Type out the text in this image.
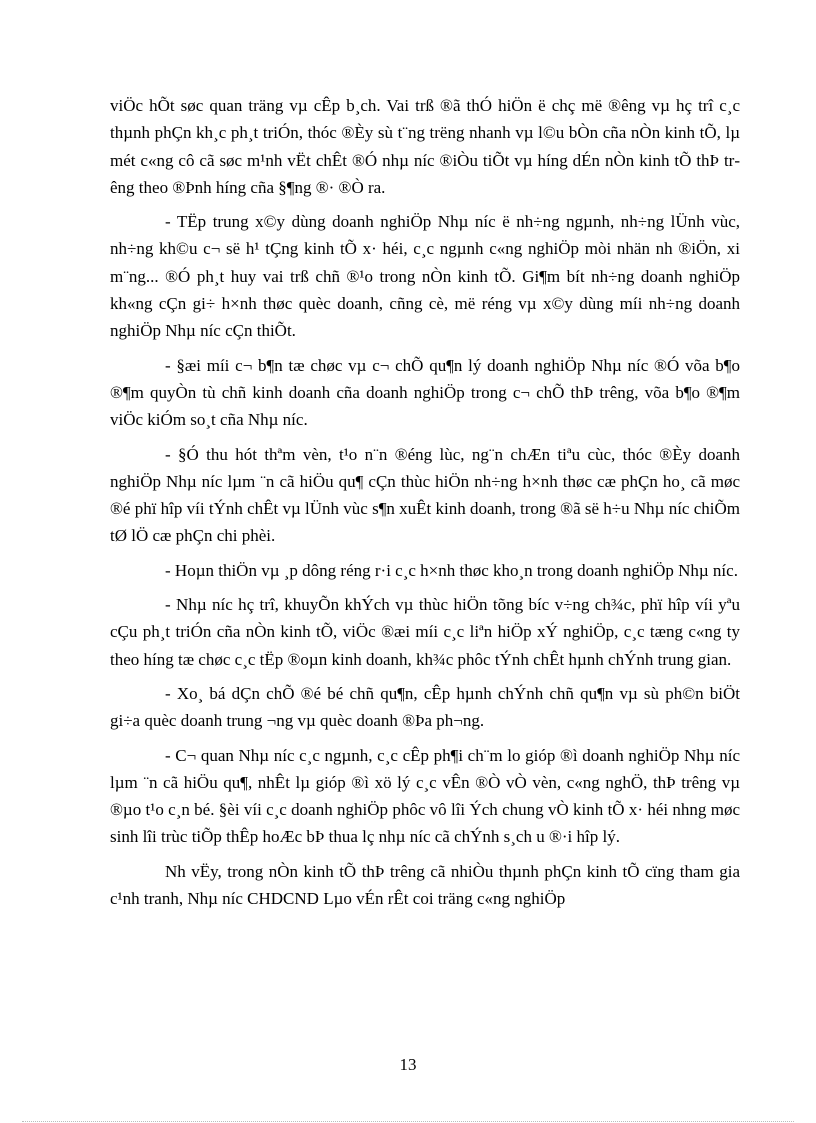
viÖc hÕt søc quan träng vµ cÊp b¸ch. Vai trß ®ã thÓ hiÖn ë chç më ®êng vµ hç trî c¸c thµnh phÇn kh¸c ph¸t triÓn, thóc ®Èy sù t¨ng trëng nhanh vµ l©u bÒn cña nÒn kinh tÕ, lµ mét c«ng cô cã søc m¹nh vËt chÊt ®Ó nhµ níc ®iÒu tiÕt vµ híng dÉn nÒn kinh tÕ thÞ trêng theo ®Þnh híng cña §¶ng ®· ®Ò ra.

- TËp trung x©y dùng doanh nghiÖp Nhµ níc ë nh÷ng ngµnh, nh÷ng lÜnh vùc, nh÷ng kh©u c¬ së h¹ tÇng kinh tÕ x· héi, c¸c ngµnh c«ng nghiÖp mòi nhän nh ®iÖn, xi m¨ng... ®Ó ph¸t huy vai trß chñ ®¹o trong nÒn kinh tÕ. Gi¶m bít nh÷ng doanh nghiÖp kh«ng cÇn gi÷ h×nh thøc quèc doanh, cñng cè, më réng vµ x©y dùng míi nh÷ng doanh nghiÖp Nhµ níc cÇn thiÕt.

- §æi míi c¬ b¶n tæ chøc vµ c¬ chÕ qu¶n lý doanh nghiÖp Nhµ níc ®Ó võa b¶o ®¶m quyÒn tù chñ kinh doanh cña doanh nghiÖp trong c¬ chÕ thÞ trêng, võa b¶o ®¶m viÖc kiÓm so¸t cña Nhµ níc.

- §Ó thu hót thªm vèn, t¹o n¨n ®éng lùc, ng¨n chÆn tiªu cùc, thóc ®Èy doanh nghiÖp Nhµ níc lµm ¨n cã hiÖu qu¶ cÇn thùc hiÖn nh÷ng h×nh thøc cæ phÇn ho¸ cã møc ®é phï hîp víi tÝnh chÊt vµ lÜnh vùc s¶n xuÊt kinh doanh, trong ®ã së h÷u Nhµ níc chiÕm tØ lÖ cæ phÇn chi phèi.

- Hoµn thiÖn vµ ¸p dông réng r·i c¸c h×nh thøc kho¸n trong doanh nghiÖp Nhµ níc.

- Nhµ níc hç trî, khuyÕn khÝch vµ thùc hiÖn tõng bíc v÷ng ch¾c, phï hîp víi yªu cÇu ph¸t triÓn cña nÒn kinh tÕ, viÖc ®æi míi c¸c liªn hiÖp xÝ nghiÖp, c¸c tæng c«ng ty theo híng tæ chøc c¸c tËp ®oµn kinh doanh, kh¾c phôc tÝnh chÊt hµnh chÝnh trung gian.

- Xo¸ bá dÇn chÕ ®é bé chñ qu¶n, cÊp hµnh chÝnh chñ qu¶n vµ sù ph©n biÖt gi÷a quèc doanh trung ¬ng vµ quèc doanh ®Þa ph¬ng.

- C¬ quan Nhµ níc c¸c ngµnh, c¸c cÊp ph¶i ch¨m lo gióp ®ì doanh nghiÖp Nhµ níc lµm ¨n cã hiÖu qu¶, nhÊt lµ gióp ®ì xö lý c¸c vÊn ®Ò vÒ vèn, c«ng nghÖ, thÞ trêng vµ ®µo t¹o c¸n bé. §èi víi c¸c doanh nghiÖp phôc vô lîi Ých chung vÒ kinh tÕ x· héi nhng møc sinh lîi trùc tiÕp thÊp hoÆc bÞ thua lç nhµ níc cã chÝnh s¸ch u ®·i hîp lý.

Nh vËy, trong nÒn kinh tÕ thÞ trêng cã nhiÒu thµnh phÇn kinh tÕ cïng tham gia c¹nh tranh, Nhµ níc CHDCND Lµo vÉn rÊt coi träng c«ng nghiÖp

13
